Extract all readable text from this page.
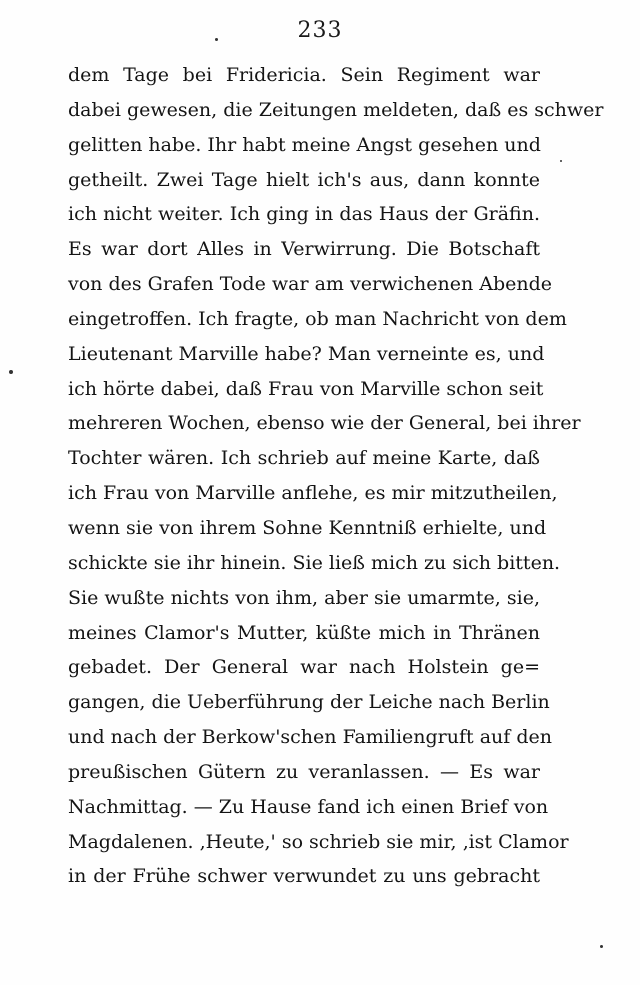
233
dem Tage bei Fridericia. Sein Regiment war
dabei gewesen, die Zeitungen meldeten, daß es schwer
gelitten habe. Ihr habt meine Angst gesehen und
getheilt. Zwei Tage hielt ich's aus, dann konnte
ich nicht weiter. Ich ging in das Haus der Gräfin.
Es war dort Alles in Verwirrung. Die Botschaft
von des Grafen Tode war am verwichenen Abende
eingetroffen. Ich fragte, ob man Nachricht von dem
Lieutenant Marville habe? Man verneinte es, und
ich hörte dabei, daß Frau von Marville schon seit
mehreren Wochen, ebenso wie der General, bei ihrer
Tochter wären. Ich schrieb auf meine Karte, daß
ich Frau von Marville anflehe, es mir mitzutheilen,
wenn sie von ihrem Sohne Kenntniß erhielte, und
schickte sie ihr hinein. Sie ließ mich zu sich bitten.
Sie wußte nichts von ihm, aber sie umarmte, sie,
meines Clamor's Mutter, küßte mich in Thränen
gebadet. Der General war nach Holstein ge=
gangen, die Ueberführung der Leiche nach Berlin
und nach der Berkow'schen Familiengruft auf den
preußischen Gütern zu veranlassen. — Es war
Nachmittag. — Zu Hause fand ich einen Brief von
Magdalenen. ‚Heute,' so schrieb sie mir, ‚ist Clamor
in der Frühe schwer verwundet zu uns gebracht
